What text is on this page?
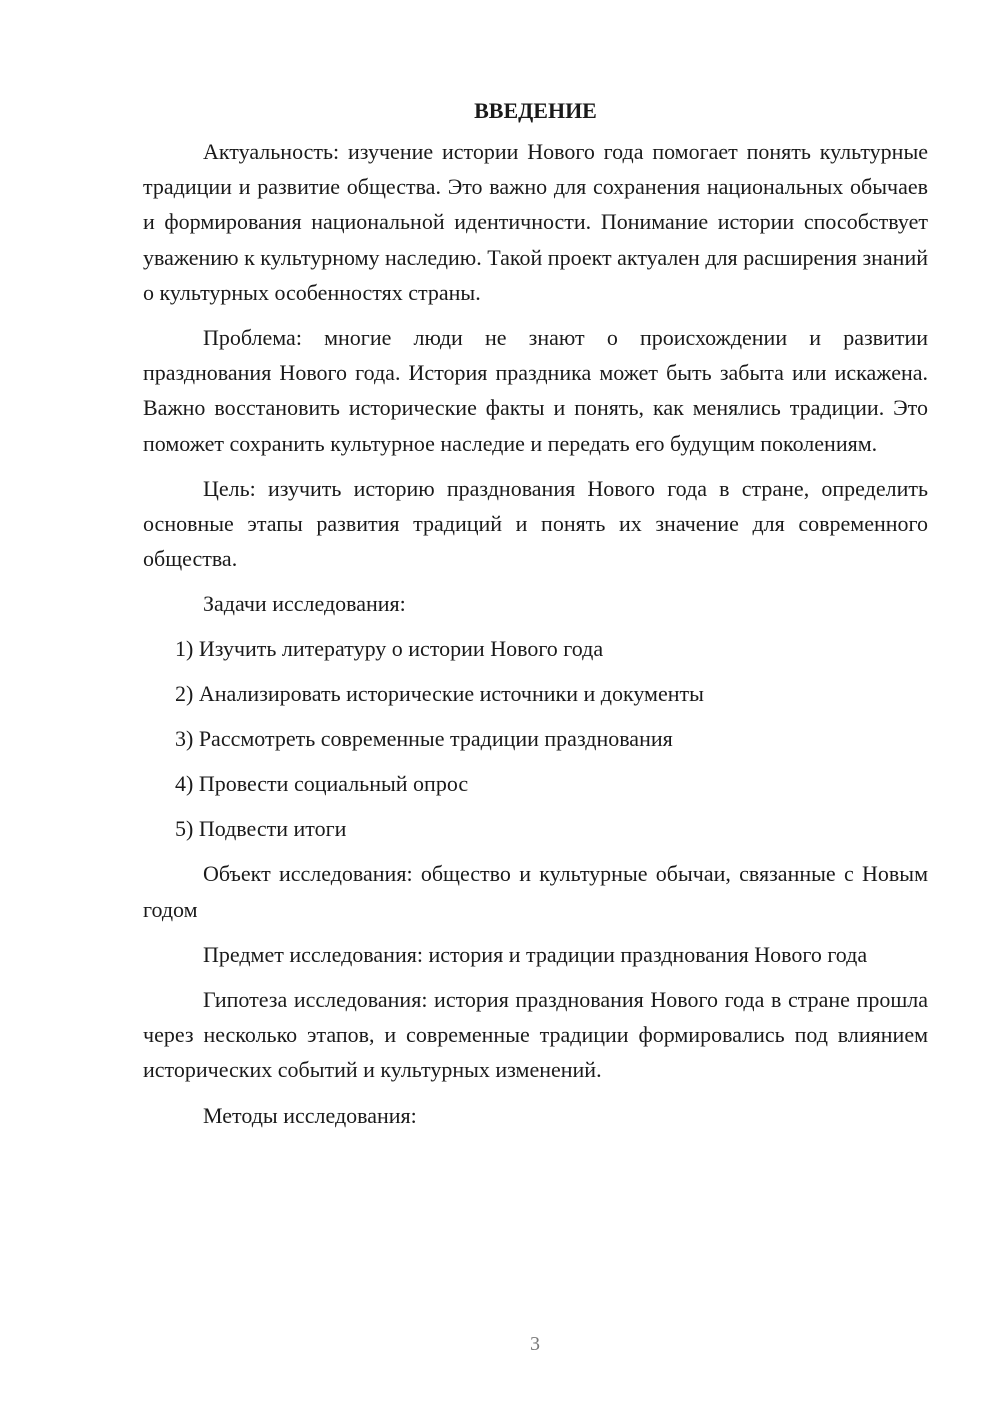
ВВЕДЕНИЕ

Актуальность: изучение истории Нового года помогает понять культурные традиции и развитие общества. Это важно для сохранения национальных обычаев и формирования национальной идентичности. Понимание истории способствует уважению к культурному наследию. Такой проект актуален для расширения знаний о культурных особенностях страны.

Проблема: многие люди не знают о происхождении и развитии празднования Нового года. История праздника может быть забыта или искажена. Важно восстановить исторические факты и понять, как менялись традиции. Это поможет сохранить культурное наследие и передать его будущим поколениям.

Цель: изучить историю празднования Нового года в стране, определить основные этапы развития традиций и понять их значение для современного общества.

Задачи исследования:

1) Изучить литературу о истории Нового года
2) Анализировать исторические источники и документы
3) Рассмотреть современные традиции празднования
4) Провести социальный опрос
5) Подвести итоги

Объект исследования: общество и культурные обычаи, связанные с Новым годом

Предмет исследования: история и традиции празднования Нового года

Гипотеза исследования: история празднования Нового года в стране прошла через несколько этапов, и современные традиции формировались под влиянием исторических событий и культурных изменений.

Методы исследования:

3
